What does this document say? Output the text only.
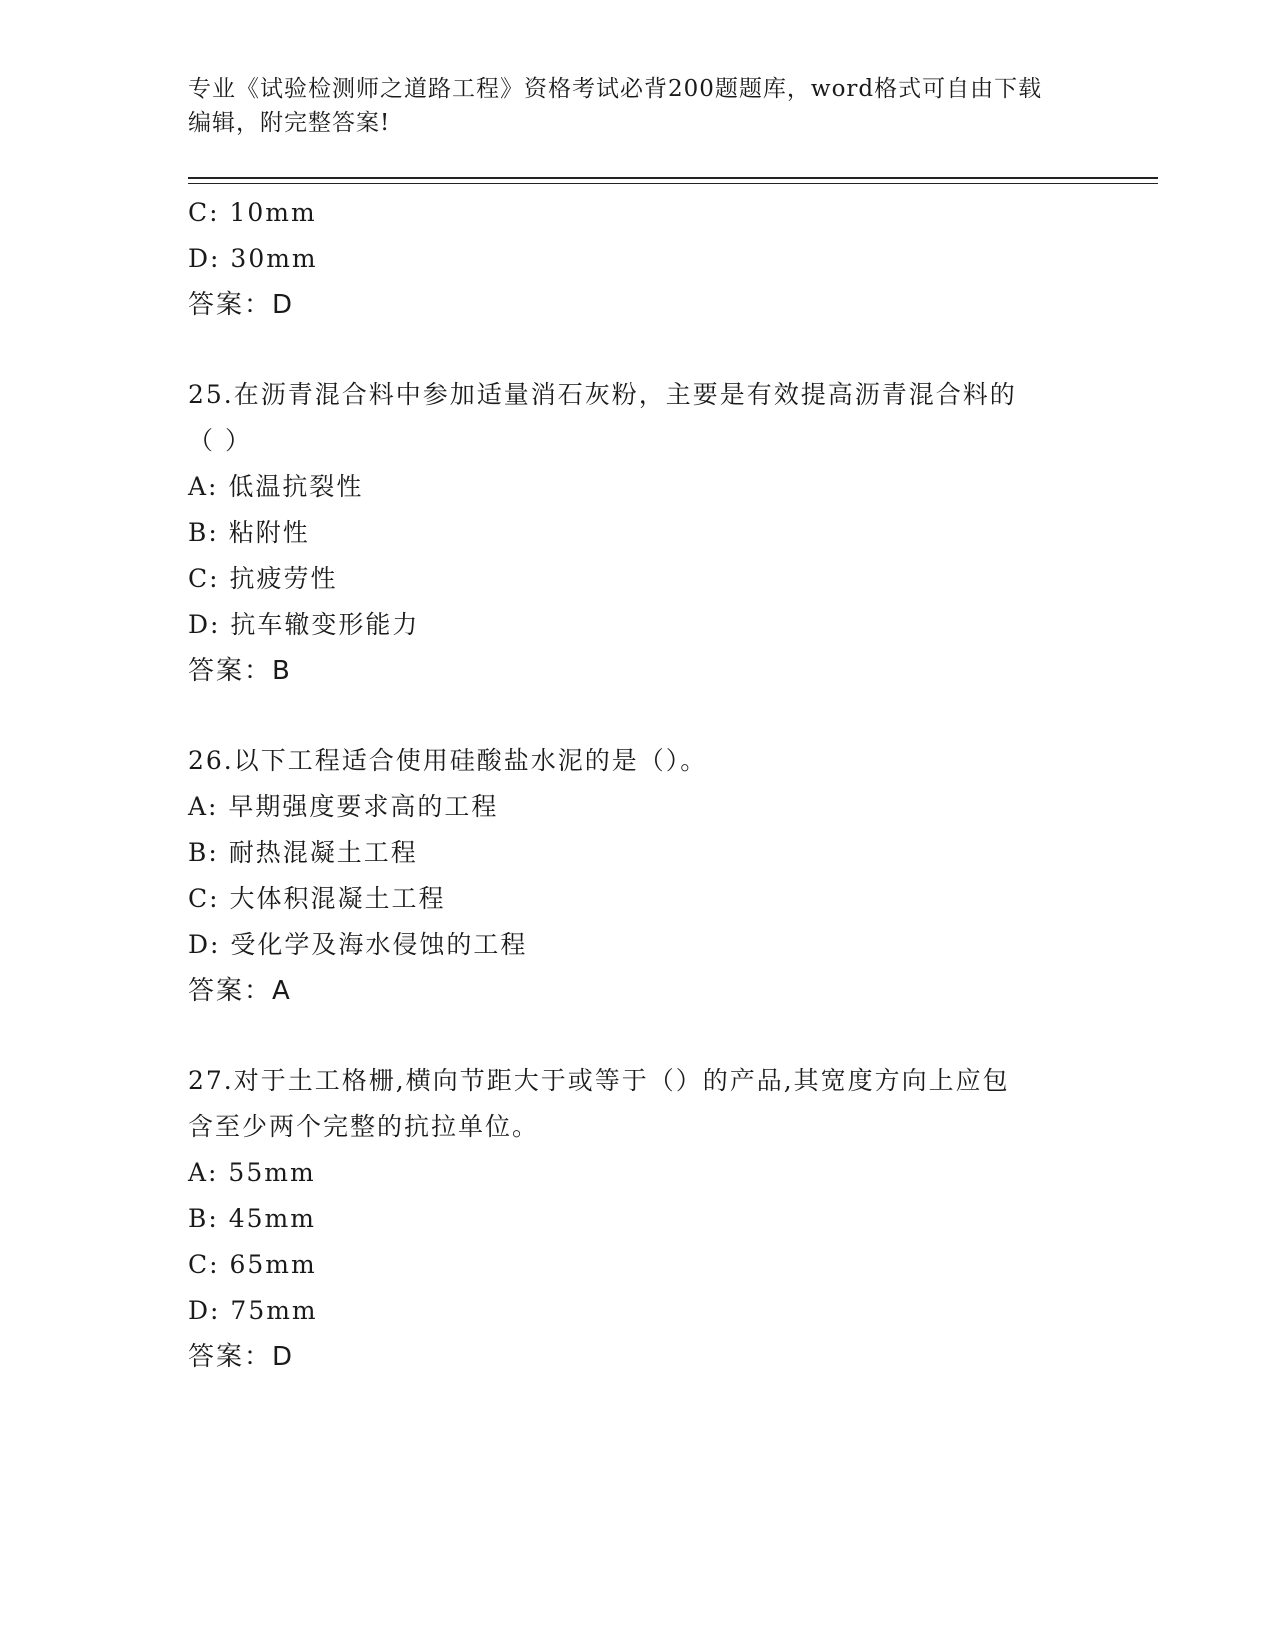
专业《试验检测师之道路工程》资格考试必背200题题库，word格式可自由下载
编辑，附完整答案!
C: 10mm
D: 30mm
答案：D
25.在沥青混合料中参加适量消石灰粉，主要是有效提高沥青混合料的
（ ）
A: 低温抗裂性
B: 粘附性
C: 抗疲劳性
D: 抗车辙变形能力
答案：B
26.以下工程适合使用硅酸盐水泥的是（）。
A: 早期强度要求高的工程
B: 耐热混凝土工程
C: 大体积混凝土工程
D: 受化学及海水侵蚀的工程
答案：A
27.对于土工格栅,横向节距大于或等于（）的产品,其宽度方向上应包
含至少两个完整的抗拉单位。
A: 55mm
B: 45mm
C: 65mm
D: 75mm
答案：D
